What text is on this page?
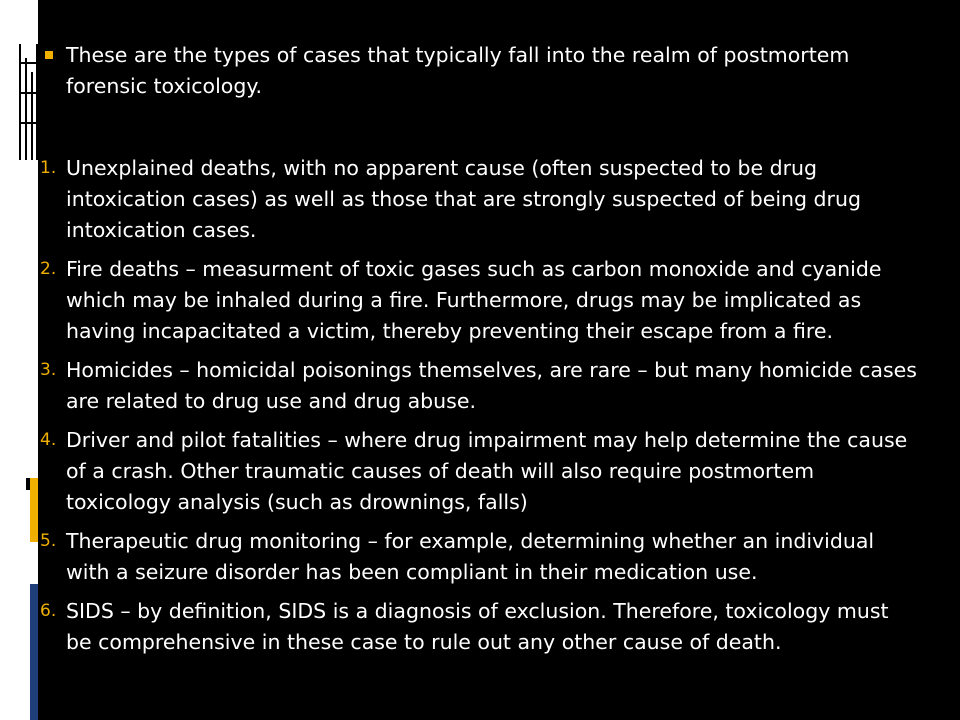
These are the types of cases that typically fall into the realm of postmortem forensic toxicology.
1. Unexplained deaths, with no apparent cause (often suspected to be drug intoxication cases) as well as those that are strongly suspected of being drug intoxication cases.
2. Fire deaths – measurment of toxic gases such as carbon monoxide and cyanide which may be inhaled during a fire. Furthermore, drugs may be implicated as having incapacitated a victim, thereby preventing their escape from a fire.
3. Homicides – homicidal poisonings themselves, are rare – but many homicide cases are related to drug use and drug abuse.
4. Driver and pilot fatalities – where drug impairment may help determine the cause of a crash. Other traumatic causes of death will also require postmortem toxicology analysis (such as drownings, falls)
5. Therapeutic drug monitoring – for example, determining whether an individual with a seizure disorder has been compliant in their medication use.
6. SIDS – by definition, SIDS is a diagnosis of exclusion. Therefore, toxicology must be comprehensive in these case to rule out any other cause of death.
